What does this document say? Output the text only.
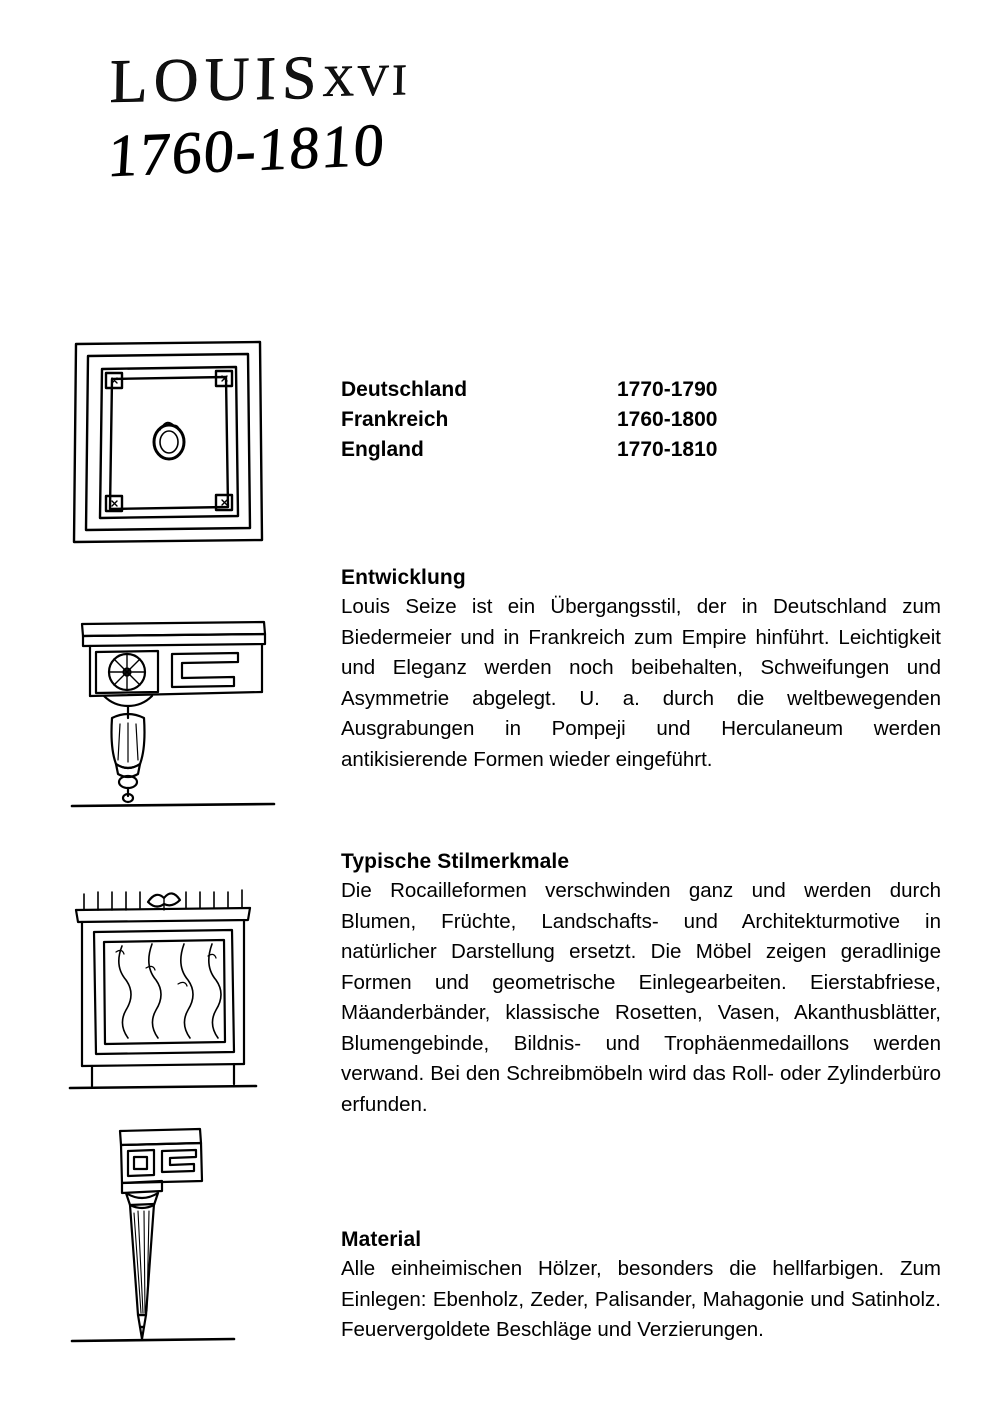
LOUISXVI
1760-1810
Deutschland	1770-1790
Frankreich	1760-1800
England	1770-1810
Entwicklung

Louis Seize ist ein Übergangsstil, der in Deutschland zum Biedermeier und in Frankreich zum Empire hinführt. Leichtigkeit und Eleganz werden noch beibehalten, Schweifungen und Asymmetrie abgelegt. U. a. durch die weltbewegenden Ausgrabungen in Pompeji und Herculaneum werden antikisierende Formen wieder eingeführt.

Typische Stilmerkmale

Die Rocailleformen verschwinden ganz und werden durch Blumen, Früchte, Landschafts- und Architekturmotive in natürlicher Darstellung ersetzt. Die Möbel zeigen geradlinige Formen und geometrische Einlegearbeiten. Eierstabfriese, Mäanderbänder, klassische Rosetten, Vasen, Akanthusblätter, Blumengebinde, Bildnis- und Trophäenmedaillons werden verwand. Bei den Schreibmöbeln wird das Roll- oder Zylinderbüro erfunden.

Material

Alle einheimischen Hölzer, besonders die hellfarbigen. Zum Einlegen: Ebenholz, Zeder, Palisander, Mahagonie und Satinholz. Feuervergoldete Beschläge und Verzierungen.
